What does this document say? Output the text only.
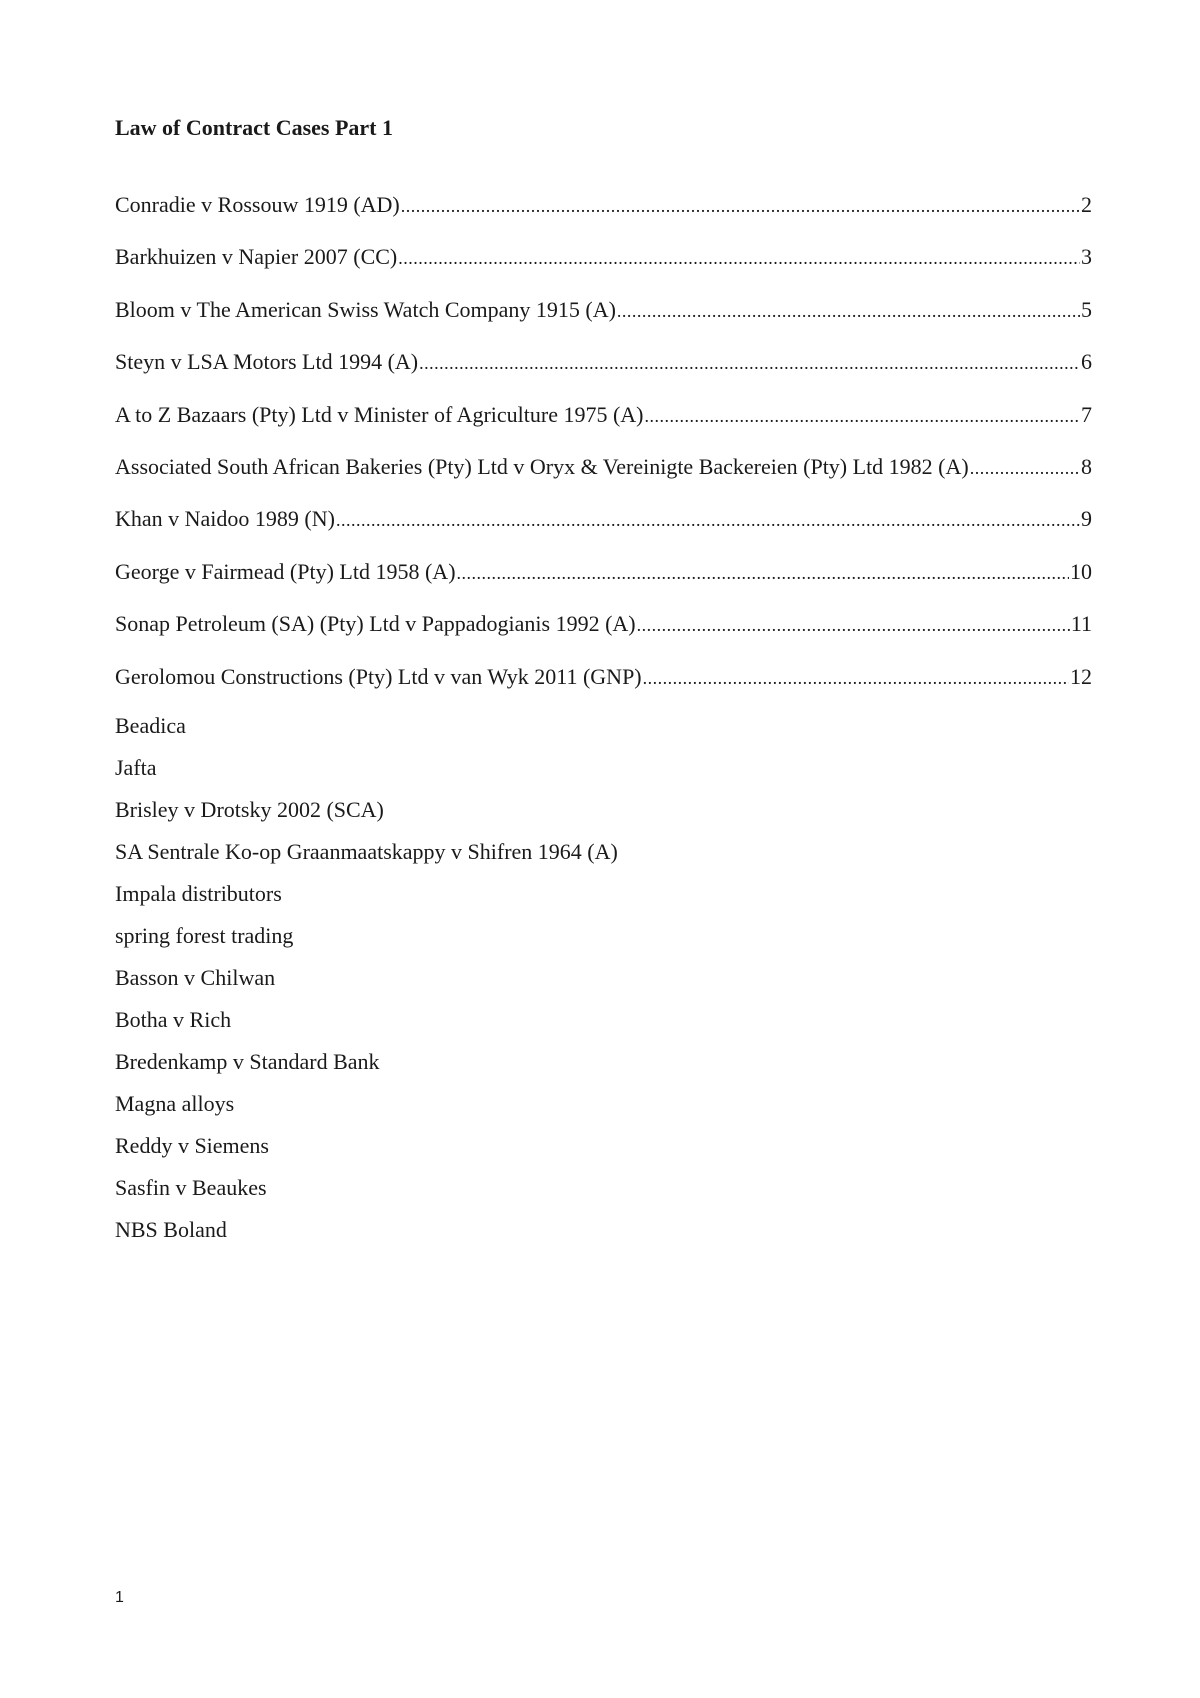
Law of Contract Cases Part 1
Conradie v Rossouw 1919 (AD) .....	2
Barkhuizen v Napier 2007 (CC) .....	3
Bloom v The American Swiss Watch Company 1915 (A) .....	5
Steyn v LSA Motors Ltd 1994 (A) .....	6
A to Z Bazaars (Pty) Ltd v Minister of Agriculture 1975 (A) .....	7
Associated South African Bakeries (Pty) Ltd v Oryx & Vereinigte Backereien (Pty) Ltd 1982 (A) .....	8
Khan v Naidoo 1989 (N) .....	9
George v Fairmead (Pty) Ltd 1958 (A) .....	10
Sonap Petroleum (SA) (Pty) Ltd v Pappadogianis 1992 (A) .....	11
Gerolomou Constructions (Pty) Ltd v van Wyk 2011 (GNP) .....	12
Beadica
Jafta
Brisley v Drotsky 2002 (SCA)
SA Sentrale Ko-op Graanmaatskappy v Shifren 1964 (A)
Impala distributors
spring forest trading
Basson v Chilwan
Botha v Rich
Bredenkamp v Standard Bank
Magna alloys
Reddy v Siemens
Sasfin v Beaukes
NBS Boland
1
